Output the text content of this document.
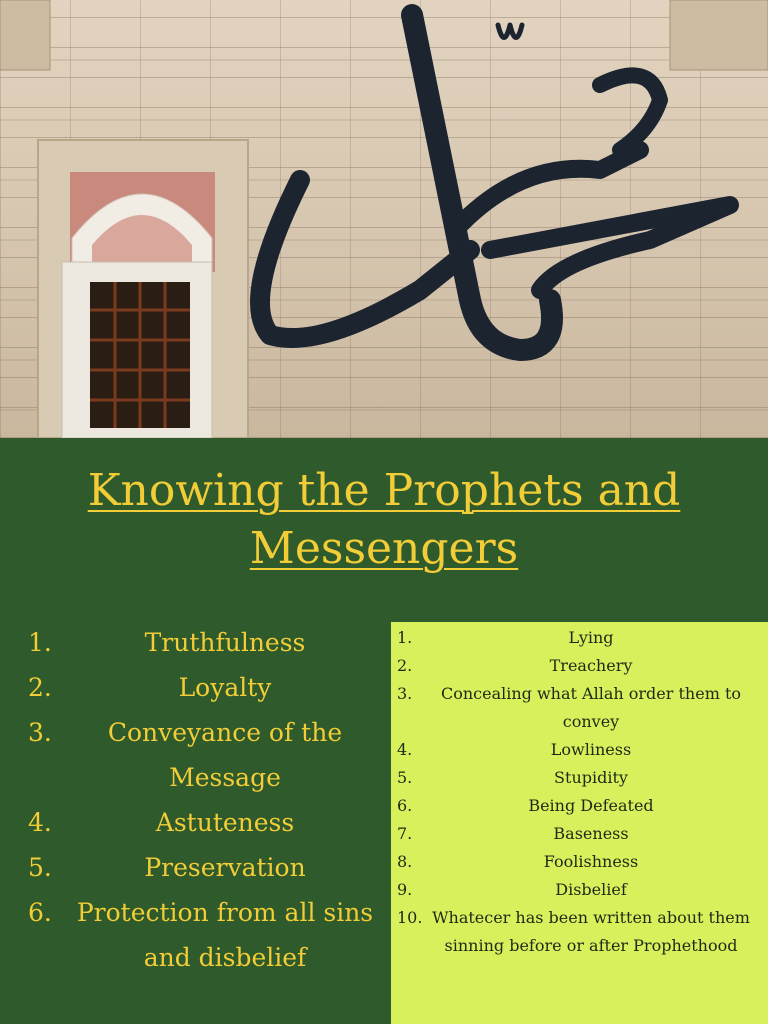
Knowing the Prophets and Messengers
1.	Truthfulness
2.	Loyalty
3.	Conveyance of the Message
4.	Astuteness
5.	Preservation
6. Protection from all sins and disbelief
1.	Lying
2.	Treachery
3.	Concealing what Allah order them to convey
4.	Lowliness
5.	Stupidity
6.	Being Defeated
7.	Baseness
8.	Foolishness
9.	Disbelief
10. Whatecer has been written about them sinning before or after Prophethood
